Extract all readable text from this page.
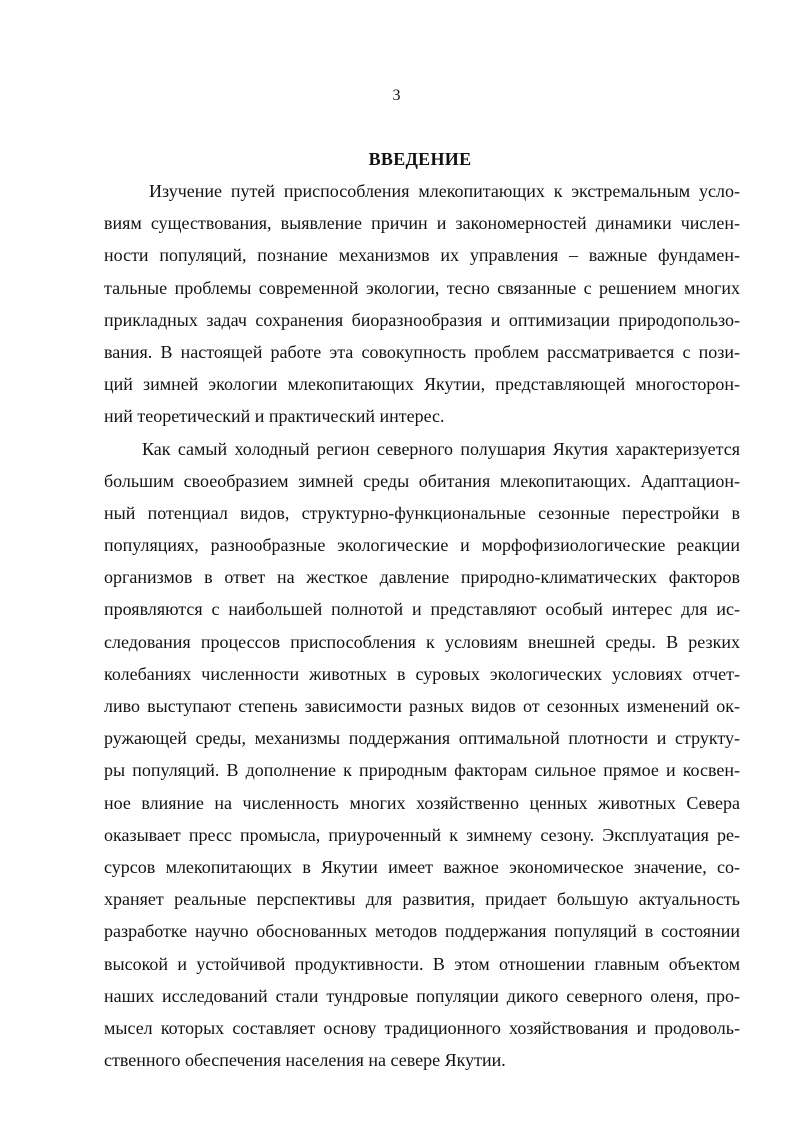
3
ВВЕДЕНИЕ
Изучение путей приспособления млекопитающих к экстремальным усло-
виям существования, выявление причин и закономерностей динамики числен-
ности популяций, познание механизмов их управления – важные фундамен-
тальные проблемы современной экологии, тесно связанные с решением многих
прикладных задач сохранения биоразнообразия и оптимизации природопользо-
вания. В настоящей работе эта совокупность проблем рассматривается с пози-
ций зимней экологии млекопитающих Якутии, представляющей многосторон-
ний теоретический и практический интерес.
Как самый холодный регион северного полушария Якутия характеризуется
большим своеобразием зимней среды обитания млекопитающих. Адаптацион-
ный потенциал видов, структурно-функциональные сезонные перестройки в
популяциях, разнообразные экологические и морфофизиологические реакции
организмов в ответ на жесткое давление природно-климатических факторов
проявляются с наибольшей полнотой и представляют особый интерес для ис-
следования процессов приспособления к условиям внешней среды. В резких
колебаниях численности животных в суровых экологических условиях отчет-
ливо выступают степень зависимости разных видов от сезонных изменений ок-
ружающей среды, механизмы поддержания оптимальной плотности и структу-
ры популяций. В дополнение к природным факторам сильное прямое и косвен-
ное влияние на численность многих хозяйственно ценных животных Севера
оказывает пресс промысла, приуроченный к зимнему сезону. Эксплуатация ре-
сурсов млекопитающих в Якутии имеет важное экономическое значение, со-
храняет реальные перспективы для развития, придает большую актуальность
разработке научно обоснованных методов поддержания популяций в состоянии
высокой и устойчивой продуктивности. В этом отношении главным объектом
наших исследований стали тундровые популяции дикого северного оленя, про-
мысел которых составляет основу традиционного хозяйствования и продоволь-
ственного обеспечения населения на севере Якутии.
